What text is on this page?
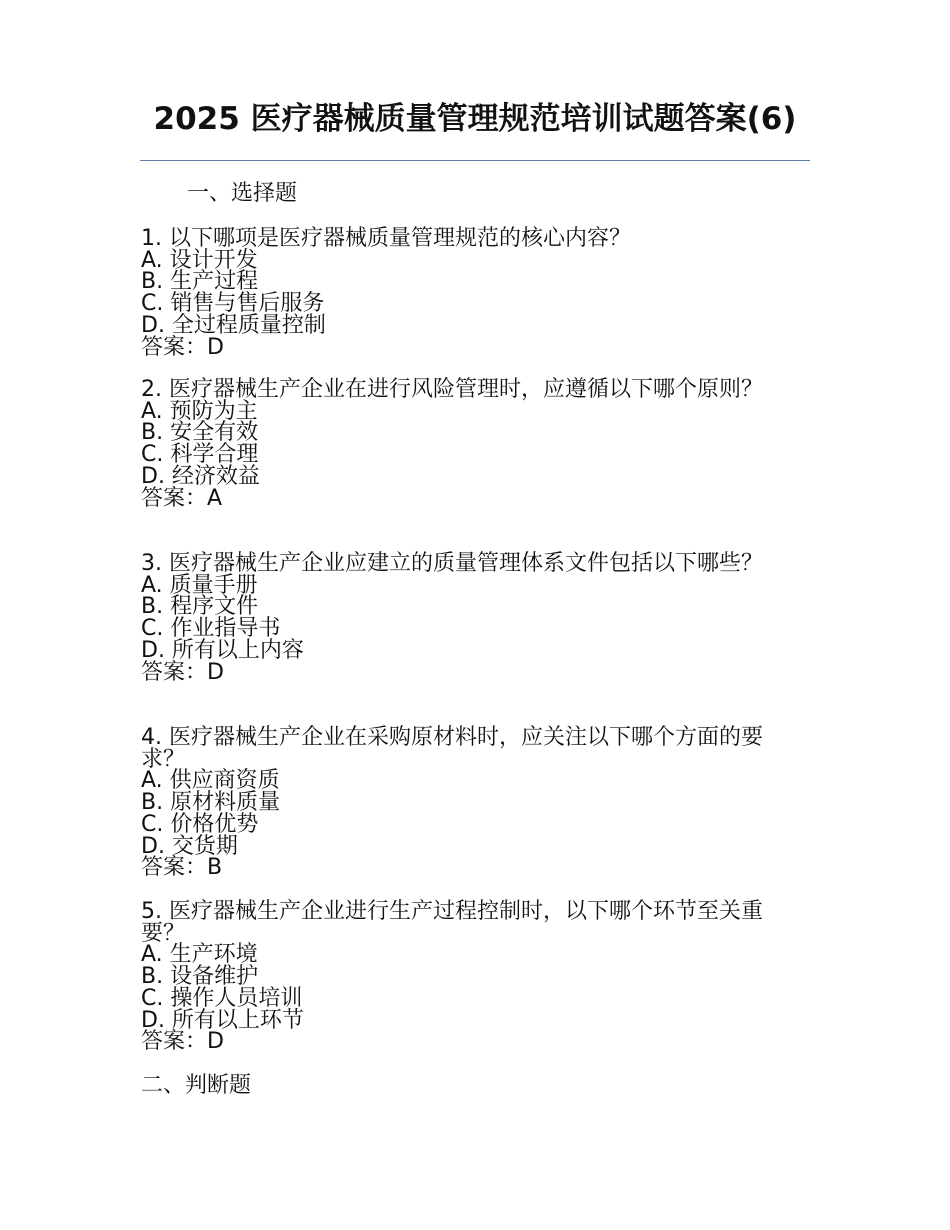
2025 医疗器械质量管理规范培训试题答案(6)
一、选择题
1. 以下哪项是医疗器械质量管理规范的核心内容？
A. 设计开发
B. 生产过程
C. 销售与售后服务
D. 全过程质量控制
答案：D
2. 医疗器械生产企业在进行风险管理时，应遵循以下哪个原则？
A. 预防为主
B. 安全有效
C. 科学合理
D. 经济效益
答案：A
3. 医疗器械生产企业应建立的质量管理体系文件包括以下哪些？
A. 质量手册
B. 程序文件
C. 作业指导书
D. 所有以上内容
答案：D
4. 医疗器械生产企业在采购原材料时，应关注以下哪个方面的要求？
A. 供应商资质
B. 原材料质量
C. 价格优势
D. 交货期
答案：B
5. 医疗器械生产企业进行生产过程控制时，以下哪个环节至关重要？
A. 生产环境
B. 设备维护
C. 操作人员培训
D. 所有以上环节
答案：D
二、判断题
